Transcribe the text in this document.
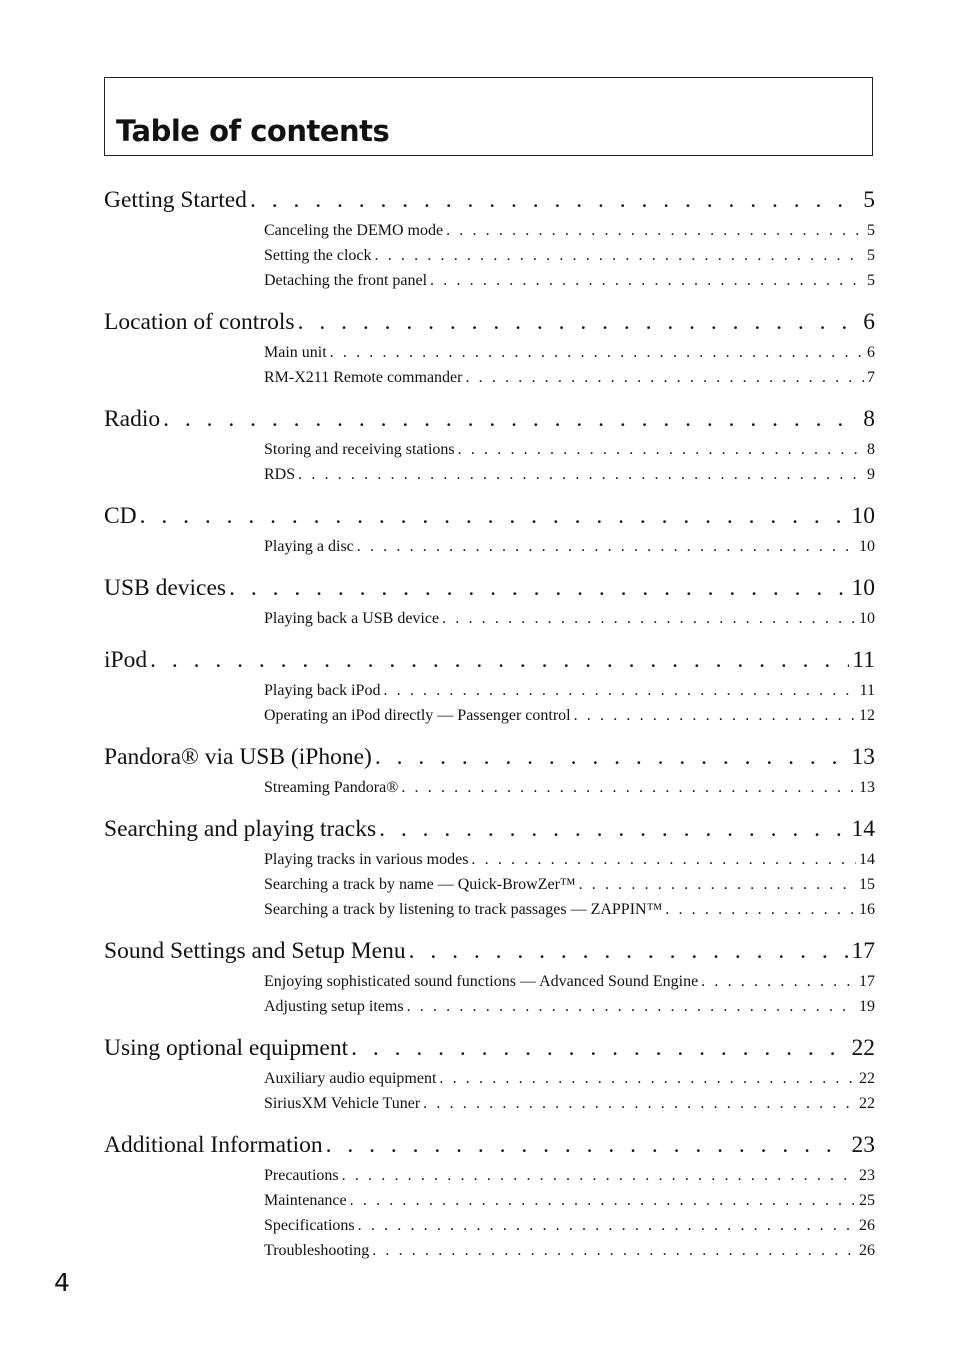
Table of contents
Getting Started . . .	5
Canceling the DEMO mode . . .	5
Setting the clock . . .	5
Detaching the front panel . . .	5
Location of controls . . .	6
Main unit . . .	6
RM-X211 Remote commander . . .	7
Radio . . .	8
Storing and receiving stations . . .	8
RDS . . .	9
CD . . .	10
Playing a disc . . .	10
USB devices . . .	10
Playing back a USB device . . .	10
iPod . . .	11
Playing back iPod . . .	11
Operating an iPod directly — Passenger control . . .	12
Pandora® via USB (iPhone) . . .	13
Streaming Pandora® . . .	13
Searching and playing tracks . . .	14
Playing tracks in various modes . . .	14
Searching a track by name — Quick-BrowZer™ . . .	15
Searching a track by listening to track passages — ZAPPIN™ . . .	16
Sound Settings and Setup Menu . . .	17
Enjoying sophisticated sound functions — Advanced Sound Engine . . .	17
Adjusting setup items . . .	19
Using optional equipment . . .	22
Auxiliary audio equipment . . .	22
SiriusXM Vehicle Tuner . . .	22
Additional Information . . .	23
Precautions . . .	23
Maintenance . . .	25
Specifications . . .	26
Troubleshooting . . .	26
4
